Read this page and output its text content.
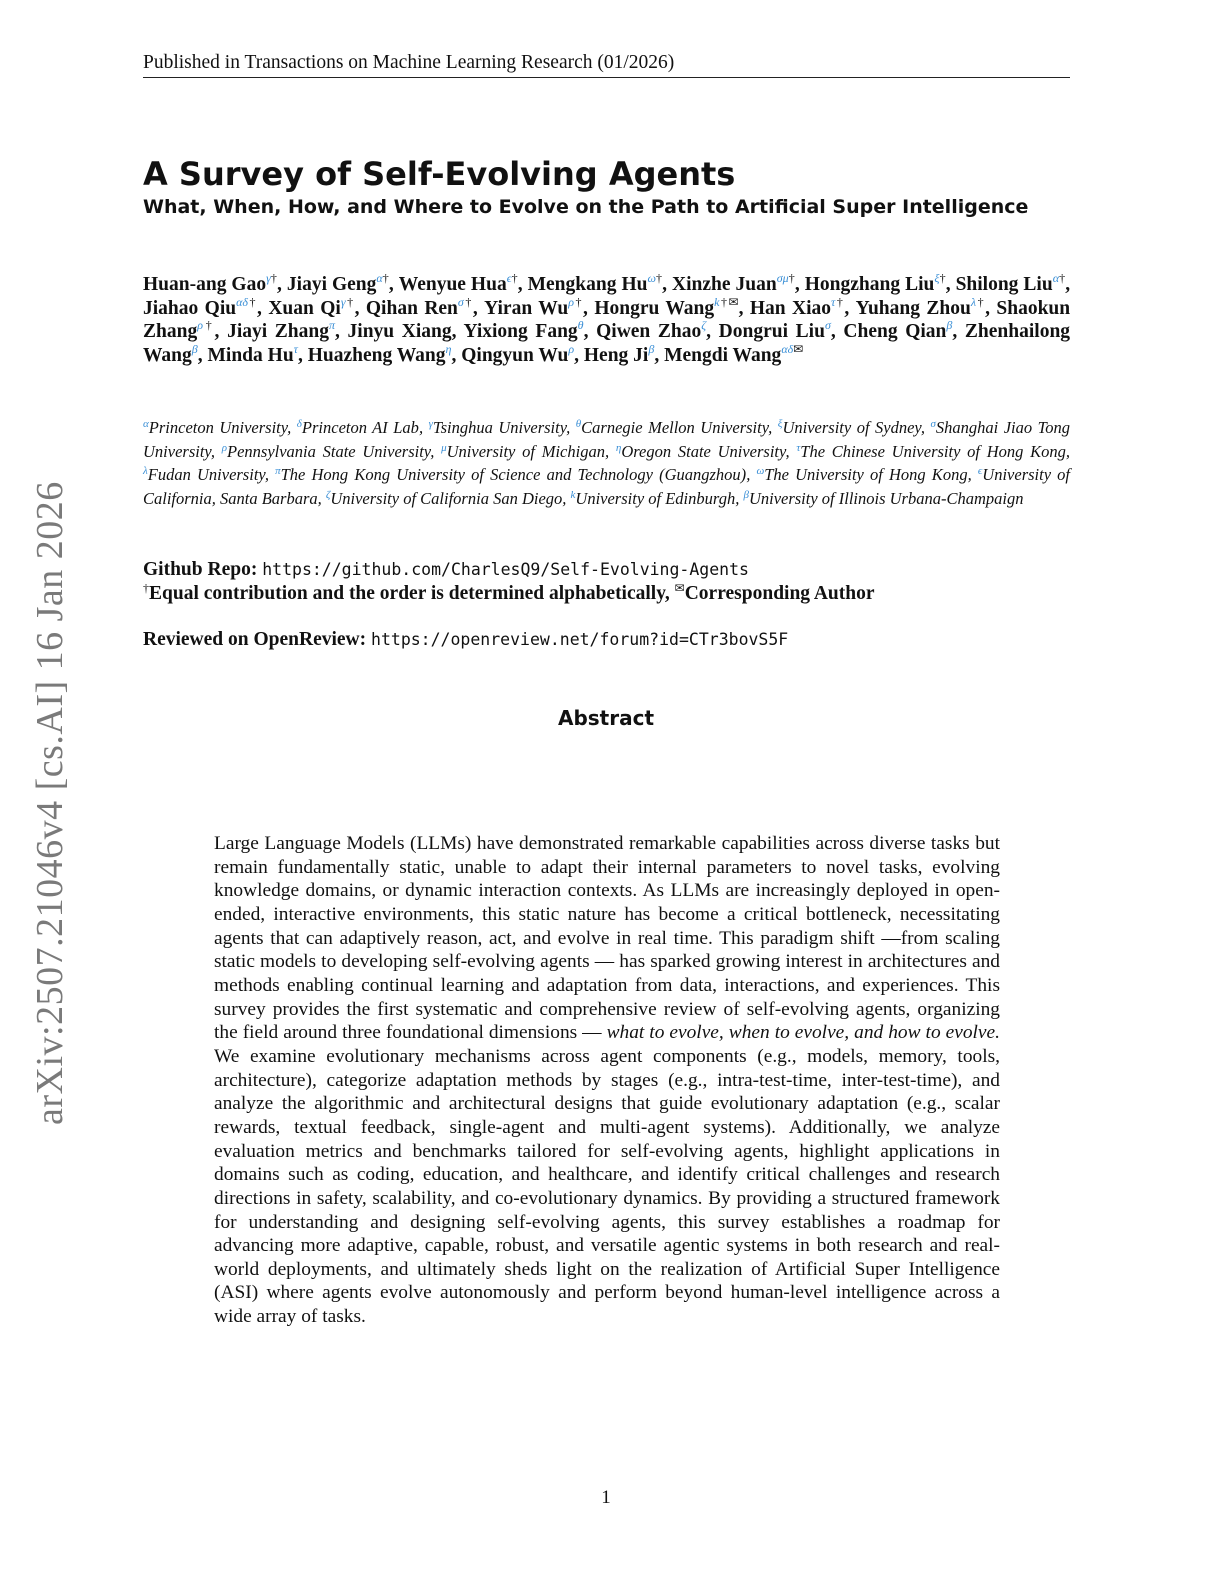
arXiv:2507.21046v4 [cs.AI] 16 Jan 2026
Published in Transactions on Machine Learning Research (01/2026)
A Survey of Self-Evolving Agents
What, When, How, and Where to Evolve on the Path to Artificial Super Intelligence
Huan-ang Gao$^{\gamma\dagger}$, Jiayi Geng$^{\alpha\dagger}$, Wenyue Hua$^{\epsilon\dagger}$, Mengkang $Hu^{\omega\dagger}$, Xinzhe Juan$^{\sigma\mu\dagger}$, Hongzhang Liu$^{\xi\dagger}$, Shilong Liu$^{\alpha\dagger}$, Jiahao Qiu$^{\alpha\delta\dagger}$, Xuan $Qi^{\gamma\dagger}$, Qihan Ren$^{\sigma\dagger}$, Yiran $Wu^{\rho\dagger}$, Hongru Wang$^{k\dagger✉}$, Han Xiao$^{\tau\dagger}$, Yuhang Zhou$^{\lambda\dagger}$, Shaokun Zhang$^{\rho\dagger}$, Jiayi Zhang$^\pi$, Jinyu Xiang, Yixiong Fang$^\theta$, Qiwen Zhao$^\zeta$, Dongrui Liu$^\sigma$, Cheng Qian$^\beta$, Zhenhailong Wang$^\beta$, Minda $Hu^\tau$, Huazheng Wang$^\eta$, Qingyun $Wu^\rho$, Heng $Ji^\beta$, Mengdi Wang$^{\alpha\delta✉}$
$^\alpha$Princeton University, $^\delta$Princeton AI Lab, $^\gamma$Tsinghua University, $^\theta$Carnegie Mellon University, $^\xi$University of Sydney, $^\sigma$Shanghai Jiao Tong University, $^\rho$Pennsylvania State University, $^\mu$University of Michigan, $^\eta$Oregon State University, $^\tau$The Chinese University of Hong Kong, $^\lambda$Fudan University, $^\pi$The Hong Kong University of Science and Technology (Guangzhou), $^\omega$The University of Hong Kong, $^\epsilon$University of California, Santa Barbara, $^\zeta$University of California San Diego, $^k$University of Edinburgh, $^\beta$University of Illinois Urbana-Champaign
Github Repo: https://github.com/CharlesQ9/Self-Evolving-Agents
†Equal contribution and the order is determined alphabetically, ✉Corresponding Author
Reviewed on OpenReview: https://openreview.net/forum?id=CTr3bovS5F
Abstract
Large Language Models (LLMs) have demonstrated remarkable capabilities across diverse tasks but remain fundamentally static, unable to adapt their internal parameters to novel tasks, evolving knowledge domains, or dynamic interaction contexts. As LLMs are increasingly deployed in open-ended, interactive environments, this static nature has become a critical bottleneck, necessitating agents that can adaptively reason, act, and evolve in real time. This paradigm shift —from scaling static models to developing self-evolving agents — has sparked growing interest in architectures and methods enabling continual learning and adaptation from data, interactions, and experiences. This survey provides the first systematic and comprehensive review of self-evolving agents, organizing the field around three foundational dimensions — what to evolve, when to evolve, and how to evolve. We examine evolutionary mechanisms across agent components (e.g., models, memory, tools, architecture), categorize adaptation methods by stages (e.g., intra-test-time, inter-test-time), and analyze the algorithmic and architectural designs that guide evolutionary adaptation (e.g., scalar rewards, textual feedback, single-agent and multi-agent systems). Additionally, we analyze evaluation metrics and benchmarks tailored for self-evolving agents, highlight applications in domains such as coding, education, and healthcare, and identify critical challenges and research directions in safety, scalability, and co-evolutionary dynamics. By providing a structured framework for understanding and designing self-evolving agents, this survey establishes a roadmap for advancing more adaptive, capable, robust, and versatile agentic systems in both research and real-world deployments, and ultimately sheds light on the realization of Artificial Super Intelligence (ASI) where agents evolve autonomously and perform beyond human-level intelligence across a wide array of tasks.
1
